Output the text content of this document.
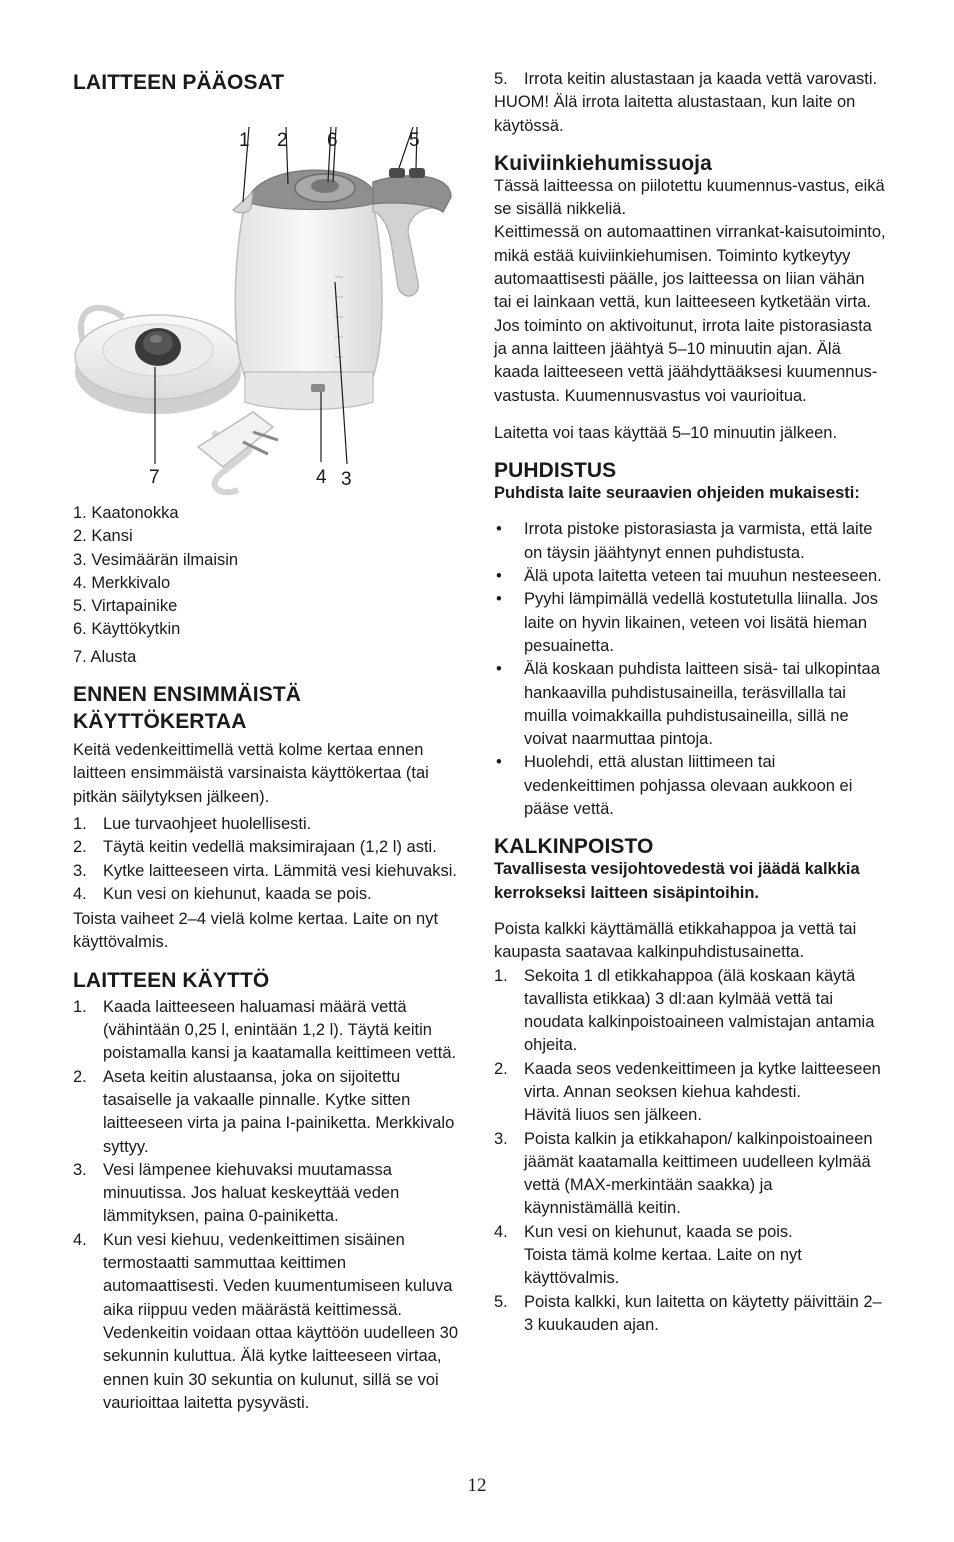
LAITTEEN PÄÄOSAT
1 2 6	5
7	4 3
1. Kaatonokka
2. Kansi
3. Vesimäärän ilmaisin
4. Merkkivalo
5. Virtapainike
6. Käyttökytkin
7. Alusta
ENNEN ENSIMMÄISTÄ
KÄYTTÖKERTAA

Keitä vedenkeittimellä vettä kolme kertaa ennen laitteen ensimmäistä varsinaista käyttökertaa (tai pitkän säilytyksen jälkeen).

1. Lue turvaohjeet huolellisesti.
2. Täytä keitin vedellä maksimirajaan (1,2 l) asti.
3. Kytke laitteeseen virta. Lämmitä vesi kiehuvaksi.
4. Kun vesi on kiehunut, kaada se pois.

Toista vaiheet 2–4 vielä kolme kertaa. Laite on nyt käyttövalmis.

LAITTEEN KÄYTTÖ
1. Kaada laitteeseen haluamasi määrä vettä (vähintään 0,25 l, enintään 1,2 l). Täytä keitin poistamalla kansi ja kaatamalla keittimeen vettä.
2. Aseta keitin alustaansa, joka on sijoitettu tasaiselle ja vakaalle pinnalle. Kytke sitten laitteeseen virta ja paina I-painiketta. Merkkivalo syttyy.
3. Vesi lämpenee kiehuvaksi muutamassa minuutissa. Jos haluat keskeyttää veden lämmityksen, paina 0-painiketta.
4. Kun vesi kiehuu, vedenkeittimen sisäinen termostaatti sammuttaa keittimen automaattisesti. Veden kuumentumiseen kuluva aika riippuu veden määrästä keittimessä. Vedenkeitin voidaan ottaa käyttöön uudelleen 30 sekunnin kuluttua. Älä kytke laitteeseen virtaa, ennen kuin 30 sekuntia on kulunut, sillä se voi vaurioittaa laitetta pysyvästi.
5. Irrota keitin alustastaan ja kaada vettä varovasti.

HUOM! Älä irrota laitetta alustastaan, kun laite on käytössä.

Kuiviinkiehumissuoja

Tässä laitteessa on piilotettu kuumennus-vastus, eikä se sisällä nikkeliä.

Keittimessä on automaattinen virrankat-kaisutoiminto, mikä estää kuiviinkiehumisen. Toiminto kytkeytyy automaattisesti päälle, jos laitteessa on liian vähän tai ei lainkaan vettä, kun laitteeseen kytketään virta. Jos toiminto on aktivoitunut, irrota laite pistorasiasta ja anna laitteen jäähtyä 5–10 minuutin ajan. Älä kaada laitteeseen vettä jäähdyttääksesi kuumennus-vastusta. Kuumennusvastus voi vaurioitua.

Laitetta voi taas käyttää 5–10 minuutin jälkeen.

PUHDISTUS

Puhdista laite seuraavien ohjeiden mukaisesti:

• Irrota pistoke pistorasiasta ja varmista, että laite on täysin jäähtynyt ennen puhdistusta.
• Älä upota laitetta veteen tai muuhun nesteeseen.
• Pyyhi lämpimällä vedellä kostutetulla liinalla. Jos laite on hyvin likainen, veteen voi lisätä hieman pesuainetta.
• Älä koskaan puhdista laitteen sisä- tai ulkopintaa hankaavilla puhdistusaineilla, teräsvillalla tai muilla voimakkailla puhdistusaineilla, sillä ne voivat naarmuttaa pintoja.
• Huolehdi, että alustan liittimeen tai vedenkeittimen pohjassa olevaan aukkoon ei pääse vettä.
KALKINPOISTO

Tavallisesta vesijohtovedestä voi jäädä kalkkia kerrokseksi laitteen sisäpintoihin.

Poista kalkki käyttämällä etikkahappoa ja vettä tai kaupasta saatavaa kalkinpuhdistusainetta.

1. Sekoita 1 dl etikkahappoa (älä koskaan käytä tavallista etikkaa) 3 dl:aan kylmää vettä tai noudata kalkinpoistoaineen valmistajan antamia ohjeita.
2. Kaada seos vedenkeittimeen ja kytke laitteeseen virta. Annan seoksen kiehua kahdesti.
Hävitä liuos sen jälkeen.
3. Poista kalkin ja etikkahapon/ kalkinpoistoaineen jäämät kaatamalla keittimeen uudelleen kylmää vettä (MAX-merkintään saakka) ja käynnistämällä keitin.
4. Kun vesi on kiehunut, kaada se pois.
Toista tämä kolme kertaa. Laite on nyt käyttövalmis.
5. Poista kalkki, kun laitetta on käytetty päivittäin 2–3 kuukauden ajan.
12
